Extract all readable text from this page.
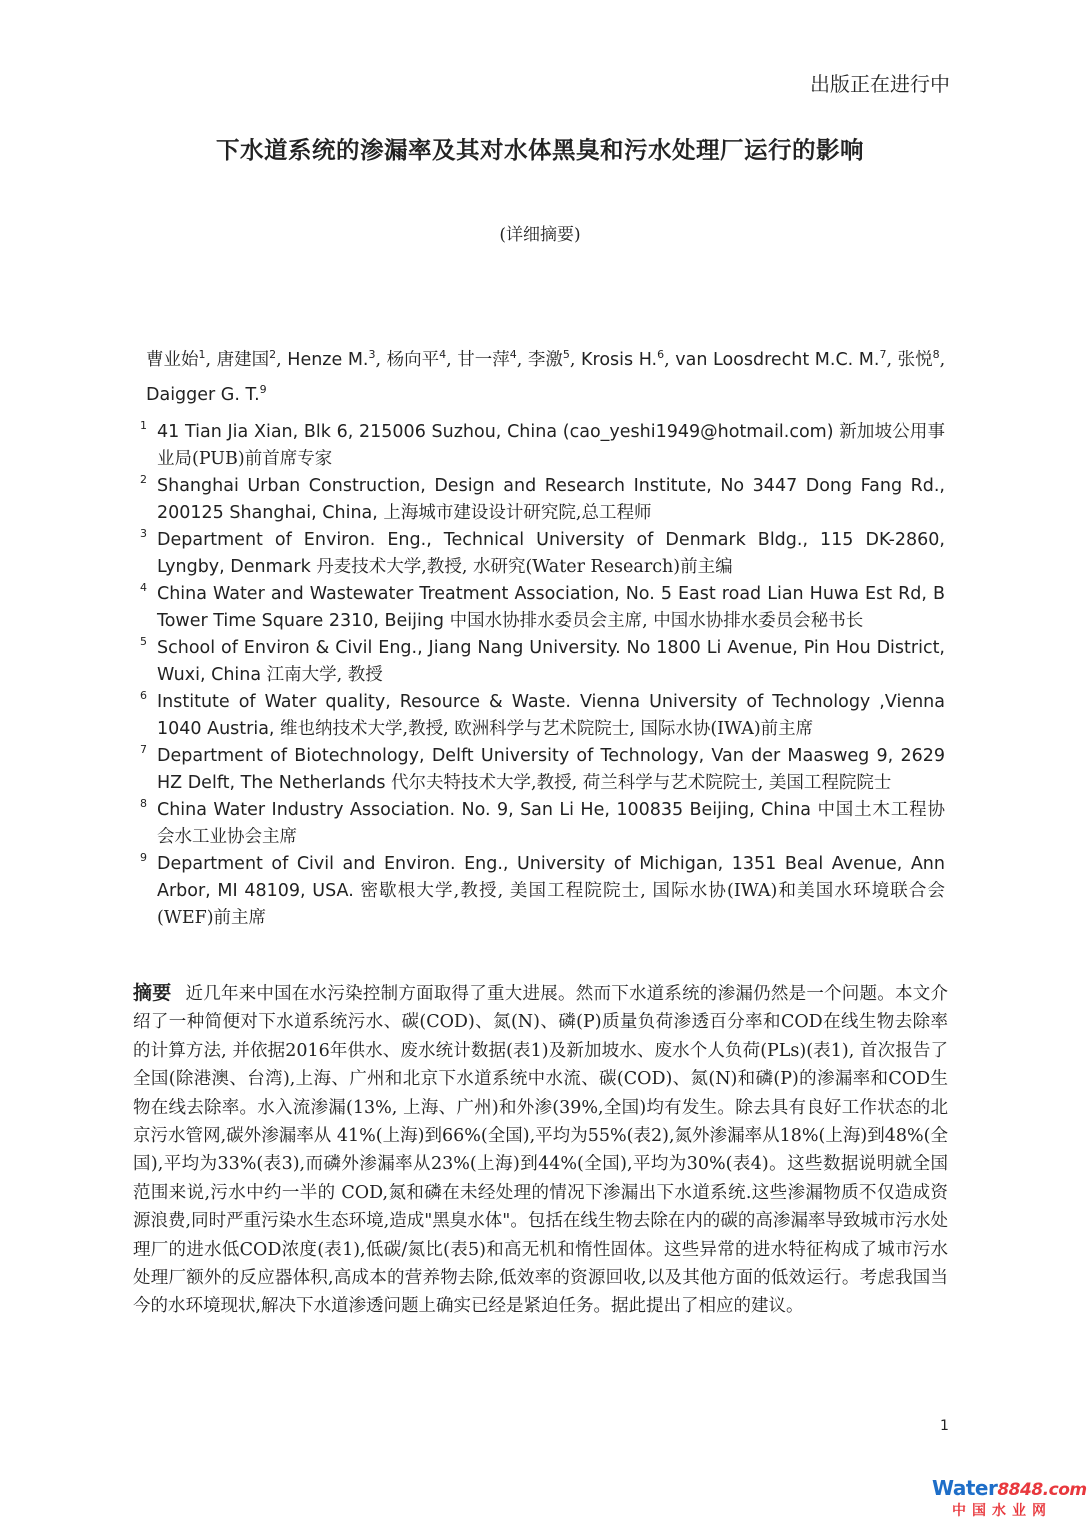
出版正在进行中
下水道系统的渗漏率及其对水体黑臭和污水处理厂运行的影响
(详细摘要)
曹业始$^1$, 唐建国$^2$, Henze M.$^3$, 杨向平$^4$, 甘一萍$^4$, 李激$^5$, Krosis H.$^6$, van Loosdrecht M.C. M.$^7$, 张悦$^8$, Daigger G. T.$^9$
1 41 Tian Jia Xian, Blk 6, 215006 Suzhou, China (cao_yeshi1949@hotmail.com) 新加坡公用事业局(PUB)前首席专家
2 Shanghai Urban Construction, Design and Research Institute, No 3447 Dong Fang Rd., 200125 Shanghai, China, 上海城市建设设计研究院,总工程师
3 Department of Environ. Eng., Technical University of Denmark Bldg., 115 DK-2860, Lyngby, Denmark 丹麦技术大学,教授, 水研究(Water Research)前主编
4 China Water and Wastewater Treatment Association, No. 5 East road Lian Huwa Est Rd, B Tower Time Square 2310, Beijing 中国水协排水委员会主席, 中国水协排水委员会秘书长
5 School of Environ & Civil Eng., Jiang Nang University. No 1800 Li Avenue, Pin Hou District, Wuxi, China 江南大学, 教授
6 Institute of Water quality, Resource & Waste. Vienna University of Technology ,Vienna 1040 Austria, 维也纳技术大学,教授, 欧洲科学与艺术院院士, 国际水协(IWA)前主席
7 Department of Biotechnology, Delft University of Technology, Van der Maasweg 9, 2629 HZ Delft, The Netherlands 代尔夫特技术大学,教授, 荷兰科学与艺术院院士, 美国工程院院士
8 China Water Industry Association. No. 9, San Li He, 100835 Beijing, China 中国土木工程协会水工业协会主席
9 Department of Civil and Environ. Eng., University of Michigan, 1351 Beal Avenue, Ann Arbor, MI 48109, USA. 密歇根大学,教授, 美国工程院院士, 国际水协(IWA)和美国水环境联合会(WEF)前主席
摘要 近几年来中国在水污染控制方面取得了重大进展。然而下水道系统的渗漏仍然是一个问题。本文介绍了一种简便对下水道系统污水、碳(COD)、氮(N)、磷(P)质量负荷渗透百分率和COD在线生物去除率的计算方法, 并依据2016年供水、废水统计数据(表1)及新加坡水、废水个人负荷(PLs)(表1), 首次报告了全国(除港澳、台湾),上海、广州和北京下水道系统中水流、碳(COD)、氮(N)和磷(P)的渗漏率和COD生物在线去除率。水入流渗漏(13%, 上海、广州)和外渗(39%,全国)均有发生。除去具有良好工作状态的北京污水管网,碳外渗漏率从 41%(上海)到66%(全国),平均为55%(表2),氮外渗漏率从18%(上海)到48%(全国),平均为33%(表3),而磷外渗漏率从23%(上海)到44%(全国),平均为30%(表4)。这些数据说明就全国范围来说,污水中约一半的 COD,氮和磷在未经处理的情况下渗漏出下水道系统.这些渗漏物质不仅造成资源浪费,同时严重污染水生态环境,造成"黑臭水体"。包括在线生物去除在内的碳的高渗漏率导致城市污水处理厂的进水低COD浓度(表1),低碳/氮比(表5)和高无机和惰性固体。这些异常的进水特征构成了城市污水处理厂额外的反应器体积,高成本的营养物去除,低效率的资源回收,以及其他方面的低效运行。考虑我国当今的水环境现状,解决下水道渗透问题上确实已经是紧迫任务。据此提出了相应的建议。
1
Water8848.com
中国水业网
